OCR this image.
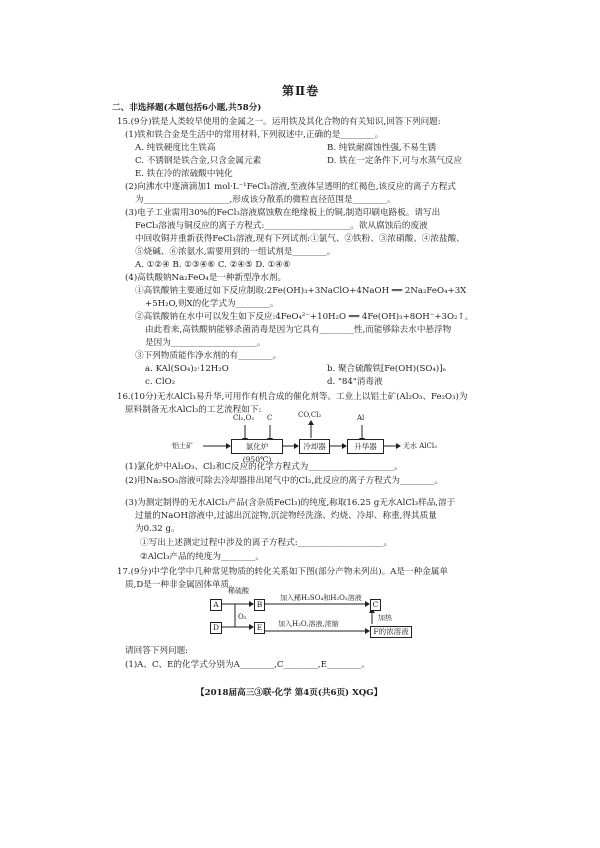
第Ⅱ卷
二、非选择题(本题包括6小题,共58分)
15.(9分)铁是人类较早使用的金属之一。运用铁及其化合物的有关知识,回答下列问题:
(1)铁和铁合金是生活中的常用材料,下列叙述中,正确的是________。
A. 纯铁硬度比生铁高	B. 纯铁耐腐蚀性强,不易生锈
C. 不锈钢是铁合金,只含金属元素	D. 铁在一定条件下,可与水蒸气反应
E. 铁在冷的浓硫酸中钝化
(2)向沸水中逐滴滴加1 mol·L⁻¹FeCl₃溶液,至液体呈透明的红褐色,该反应的离子方程式
为____________________,形成该分散系的微粒直径范围是________。
(3)电子工业需用30%的FeCl₃溶液腐蚀敷在绝缘板上的铜,制造印刷电路板。请写出
FeCl₃溶液与铜反应的离子方程式:____________________。欲从腐蚀后的废液
中回收铜并重新获得FeCl₃溶液,现有下列试剂:①氯气、②铁粉、③浓硝酸、④浓盐酸、
⑤烧碱、⑥浓氨水,需要用到的一组试剂是________。
A. ①②④ B. ①③④⑥ C. ②④⑤ D. ①④⑥
(4)高铁酸钠Na₂FeO₄是一种新型净水剂。
①高铁酸钠主要通过如下反应制取:2Fe(OH)₃+3NaClO+4NaOH ══ 2Na₂FeO₄+3X
+5H₂O,则X的化学式为________。
②高铁酸钠在水中可以发生如下反应:4FeO₄²⁻+10H₂O ══ 4Fe(OH)₃+8OH⁻+3O₂↑。
由此看来,高铁酸钠能够杀菌消毒是因为它具有________性,而能够除去水中悬浮物
是因为____________________。
③下列物质能作净水剂的有________。
a. KAl(SO₄)₂·12H₂O	b. 聚合硫酸铁[Fe(OH)(SO₄)]ₙ
c. ClO₂	d. "84"消毒液
16.(10分)无水AlCl₃易升华,可用作有机合成的催化剂等。工业上以铝土矿(Al₂O₃、Fe₂O₃)为
原料制备无水AlCl₃的工艺流程如下:
Cl₂,O₂ C	CO,Cl₂	Al
铝土矿	氯化炉(950℃)
冷却器	升华器	无水 AlCl₃
(1)氯化炉中Al₂O₃、Cl₂和C反应的化学方程式为____________________。
(2)用Na₂SO₃溶液可除去冷却器排出尾气中的Cl₂,此反应的离子方程式为________。
(3)为测定制得的无水AlCl₃产品(含杂质FeCl₃)的纯度,称取16.25 g无水AlCl₃样品,溶于
过量的NaOH溶液中,过滤出沉淀物,沉淀物经洗涤、灼烧、冷却、称重,得其质量
为0.32 g。
①写出上述测定过程中涉及的离子方程式:____________________。
②AlCl₃产品的纯度为________。
17.(9分)中学化学中几种常见物质的转化关系如下图(部分产物未列出)。A是一种金属单
质,D是一种非金属固体单质。
稀硫酸
A	B
加入稀H₂SO₄和H₂O₂溶液
C
O₂	加热
D	E	加入H₂O,溶液,浓缩
F的浓溶液
请回答下列问题:
(1)A、C、E的化学式分别为A________,C________,E________。
【2018届高三③联·化学 第4页(共6页) XQG】
